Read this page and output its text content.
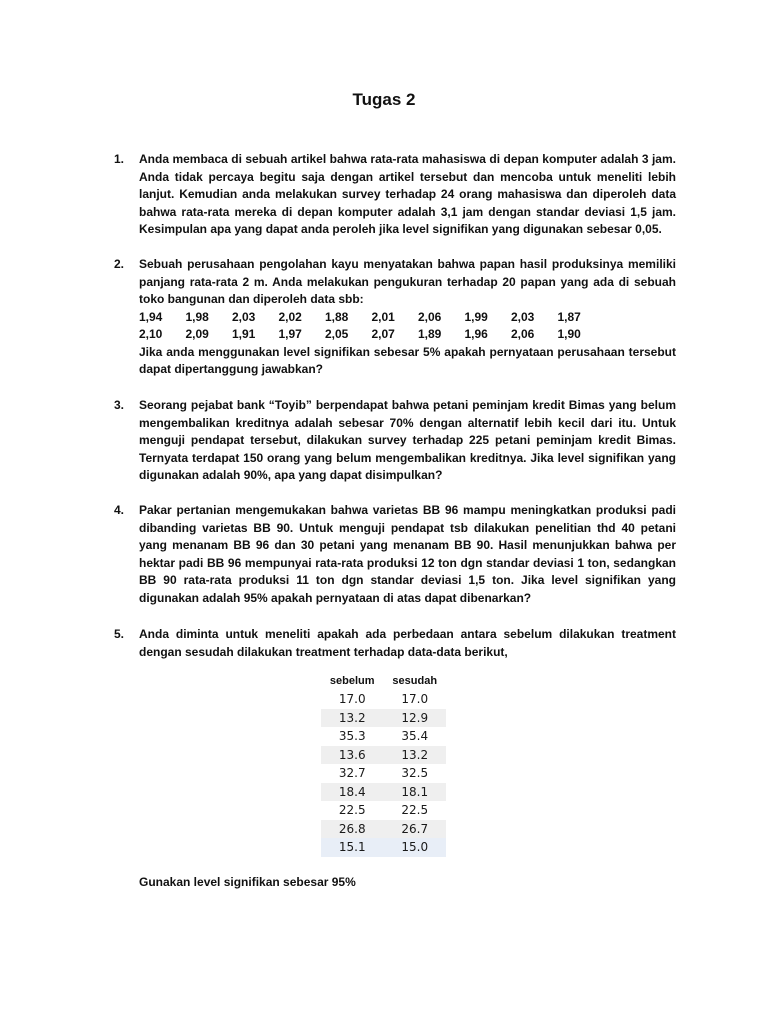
Tugas 2
1. Anda membaca di sebuah artikel bahwa rata-rata mahasiswa di depan komputer adalah 3 jam. Anda tidak percaya begitu saja dengan artikel tersebut dan mencoba untuk meneliti lebih lanjut. Kemudian anda melakukan survey terhadap 24 orang mahasiswa dan diperoleh data bahwa rata-rata mereka di depan komputer adalah 3,1 jam dengan standar deviasi 1,5 jam. Kesimpulan apa yang dapat anda peroleh jika level signifikan yang digunakan sebesar 0,05.

2. Sebuah perusahaan pengolahan kayu menyatakan bahwa papan hasil produksinya memiliki panjang rata-rata 2 m. Anda melakukan pengukuran terhadap 20 papan yang ada di sebuah toko bangunan dan diperoleh data sbb:

1,94	1,98	2,03	2,02	1,88	2,01	2,06	1,99	2,03	1,87
2,10	2,09	1,91	1,97	2,05	2,07	1,89	1,96	2,06	1,90

Jika anda menggunakan level signifikan sebesar 5% apakah pernyataan perusahaan tersebut dapat dipertanggung jawabkan?

3. Seorang pejabat bank “Toyib” berpendapat bahwa petani peminjam kredit Bimas yang belum mengembalikan kreditnya adalah sebesar 70% dengan alternatif lebih kecil dari itu. Untuk menguji pendapat tersebut, dilakukan survey terhadap 225 petani peminjam kredit Bimas. Ternyata terdapat 150 orang yang belum mengembalikan kreditnya. Jika level signifikan yang digunakan adalah 90%, apa yang dapat disimpulkan?

4. Pakar pertanian mengemukakan bahwa varietas BB 96 mampu meningkatkan produksi padi dibanding varietas BB 90. Untuk menguji pendapat tsb dilakukan penelitian thd 40 petani yang menanam BB 96 dan 30 petani yang menanam BB 90. Hasil menunjukkan bahwa per hektar padi BB 96 mempunyai rata-rata produksi 12 ton dgn standar deviasi 1 ton, sedangkan BB 90 rata-rata produksi 11 ton dgn standar deviasi 1,5 ton. Jika level signifikan yang digunakan adalah 95% apakah pernyataan di atas dapat dibenarkan?

5. Anda diminta untuk meneliti apakah ada perbedaan antara sebelum dilakukan treatment dengan sesudah dilakukan treatment terhadap data-data berikut,

sebelum	sesudah
17.0	17.0
13.2	12.9
35.3	35.4
13.6	13.2
32.7	32.5
18.4	18.1
22.5	22.5
26.8	26.7
15.1	15.0
Gunakan level signifikan sebesar 95%
